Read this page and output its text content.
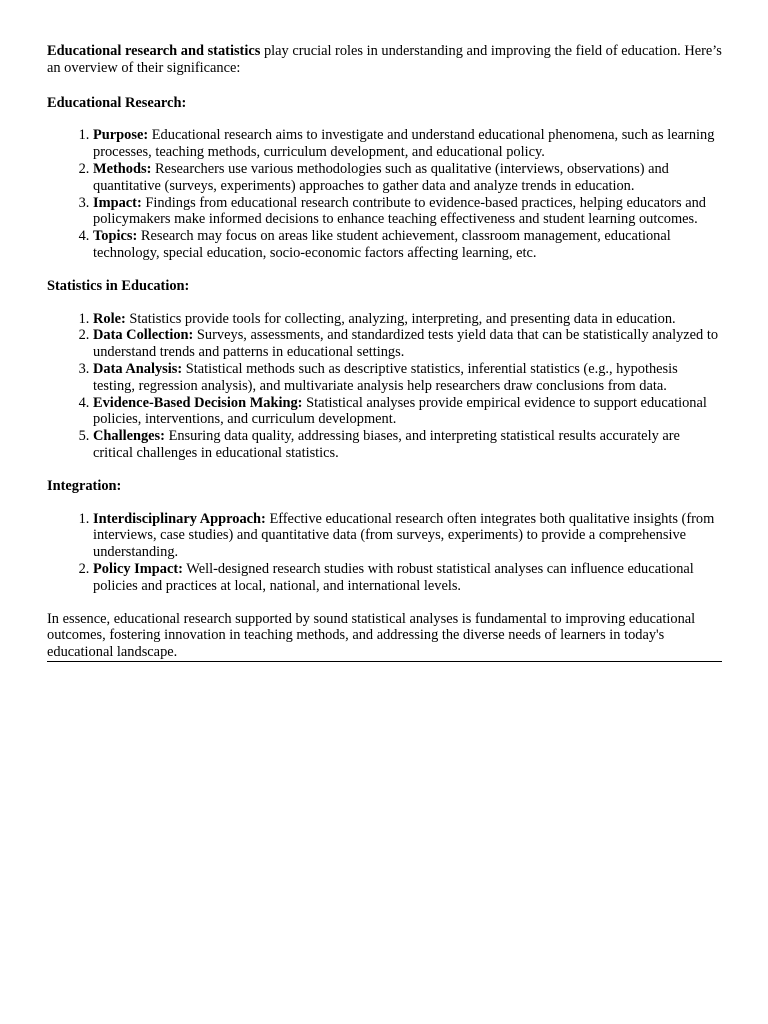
Educational research and statistics play crucial roles in understanding and improving the field of education. Here’s an overview of their significance:

Educational Research:
1. Purpose: Educational research aims to investigate and understand educational phenomena, such as learning processes, teaching methods, curriculum development, and educational policy.
2. Methods: Researchers use various methodologies such as qualitative (interviews, observations) and quantitative (surveys, experiments) approaches to gather data and analyze trends in education.
3. Impact: Findings from educational research contribute to evidence-based practices, helping educators and policymakers make informed decisions to enhance teaching effectiveness and student learning outcomes.
4. Topics: Research may focus on areas like student achievement, classroom management, educational technology, special education, socio-economic factors affecting learning, etc.
Statistics in Education:
1. Role: Statistics provide tools for collecting, analyzing, interpreting, and presenting data in education.
2. Data Collection: Surveys, assessments, and standardized tests yield data that can be statistically analyzed to understand trends and patterns in educational settings.
3. Data Analysis: Statistical methods such as descriptive statistics, inferential statistics (e.g., hypothesis testing, regression analysis), and multivariate analysis help researchers draw conclusions from data.
4. Evidence-Based Decision Making: Statistical analyses provide empirical evidence to support educational policies, interventions, and curriculum development.
5. Challenges: Ensuring data quality, addressing biases, and interpreting statistical results accurately are critical challenges in educational statistics.
Integration:
1. Interdisciplinary Approach: Effective educational research often integrates both qualitative insights (from interviews, case studies) and quantitative data (from surveys, experiments) to provide a comprehensive understanding.
2. Policy Impact: Well-designed research studies with robust statistical analyses can influence educational policies and practices at local, national, and international levels.

In essence, educational research supported by sound statistical analyses is fundamental to improving educational outcomes, fostering innovation in teaching methods, and addressing the diverse needs of learners in today's educational landscape.
